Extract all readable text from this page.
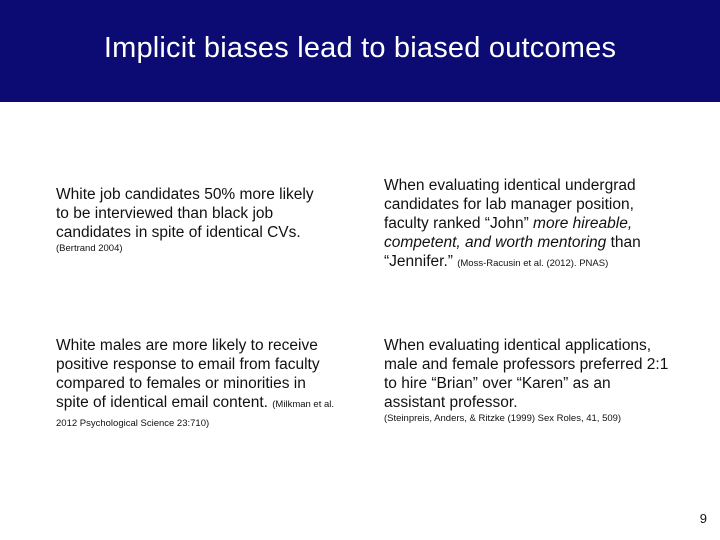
Implicit biases lead to biased outcomes
White job candidates 50% more likely to be interviewed than black job candidates in spite of identical CVs.
(Bertrand 2004)
When evaluating identical undergrad candidates for lab manager position, faculty ranked “John” more hireable, competent, and worth mentoring than “Jennifer.” (Moss-Racusin et al. (2012). PNAS)
White males are more likely to receive positive response to email from faculty compared to females or minorities in spite of identical email content. (Milkman et al. 2012 Psychological Science 23:710)
When evaluating identical applications, male and female professors preferred 2:1 to hire “Brian” over “Karen” as an assistant professor.
(Steinpreis, Anders, & Ritzke (1999) Sex Roles, 41, 509)
9
